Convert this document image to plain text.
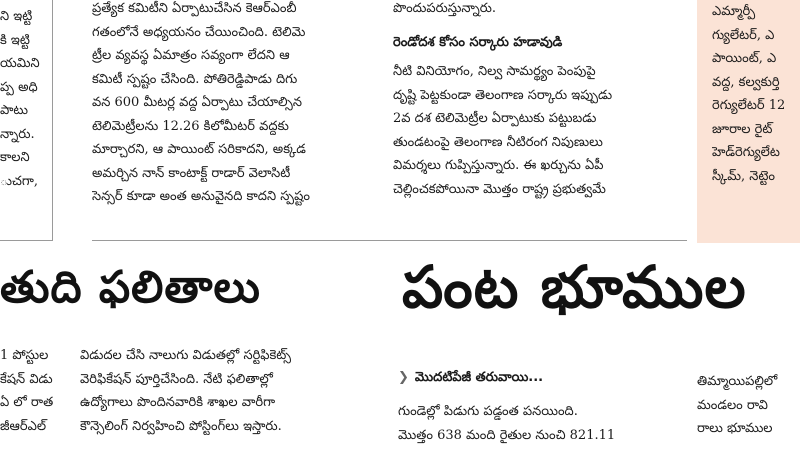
ని ఇట్టి
కి ఇట్టి
యమిని
ప్ప అధి
పాటు
న్నారు.
కాలని
ుచగా,
ప్రత్యేక కమిటీని ఏర్పాటుచేసిన కెఆర్‌ఎంబీ
గతంలోనే అధ్యయనం చేయించింది. టెలిమె
ట్రీల వ్యవస్థ ఏమాత్రం సవ్యంగా లేదని ఆ
కమిటీ స్పష్టం చేసింది. పోతిరెడ్డిపాడు దిగు
వన 600 మీటర్ల వద్ద ఏర్పాటు చేయాల్సిన
టెలిమెట్రీలను 12.26 కిలోమీటర్ వద్దకు
మార్చారని, ఆ పాయింట్ సరికాదని, అక్కడ
అమర్చిన నాన్ కాంటాక్ట్ రాడార్ వెలాసిటీ
సెన్సర్ కూడా అంత అనువైనది కాదని స్పష్టం
పొందుపరుస్తున్నారు.
రెండోదశ కోసం సర్కారు హడావుడి
నీటి వినియోగం, నిల్వ సామర్థ్యం పెంపుపై
దృష్టి పెట్టకుండా తెలంగాణ సర్కారు ఇప్పుడు
2వ దశ టెలిమెట్రీల ఏర్పాటుకు పట్టుబడు
తుండటంపై తెలంగాణ నీటిరంగ నిపుణులు
విమర్శలు గుప్పిస్తున్నారు. ఈ ఖర్చును ఏపీ
చెల్లించకపోయినా మొత్తం రాష్ట్ర ప్రభుత్వమే
ఎమ్మార్పీ
గ్యులేటర్, ఎ
పాయింట్, ఎ
వద్ద, కల్వకుర్తి
రెగ్యులేటర్ 12
జూరాల రైట్
హెడ్‌రెగ్యులేట
స్కీమ్, నెట్టెం
తుది ఫలితాలు	పంట భూముల
1 పోస్టుల
కేషన్ విడు
ఏ లో రాత
జీఆర్‌ఎల్
విడుదల చేసి నాలుగు విడుతల్లో సర్టిఫికెట్స్
వెరిఫికేషన్ పూర్తిచేసింది. నేటి ఫలితాల్లో
ఉద్యోగాలు పొందినవారికి శాఖల వారీగా
కౌన్సెలింగ్ నిర్వహించి పోస్టింగ్‌లు ఇస్తారు.
❯ మొదటిపేజీ తరువాయి...
గుండెల్లో పిడుగు పడ్డంత పనయింది.
మొత్తం 638 మంది రైతుల నుంచి 821.11
తిమ్మాయిపల్లిలో
మండలం రావి
రాలు భూముల
